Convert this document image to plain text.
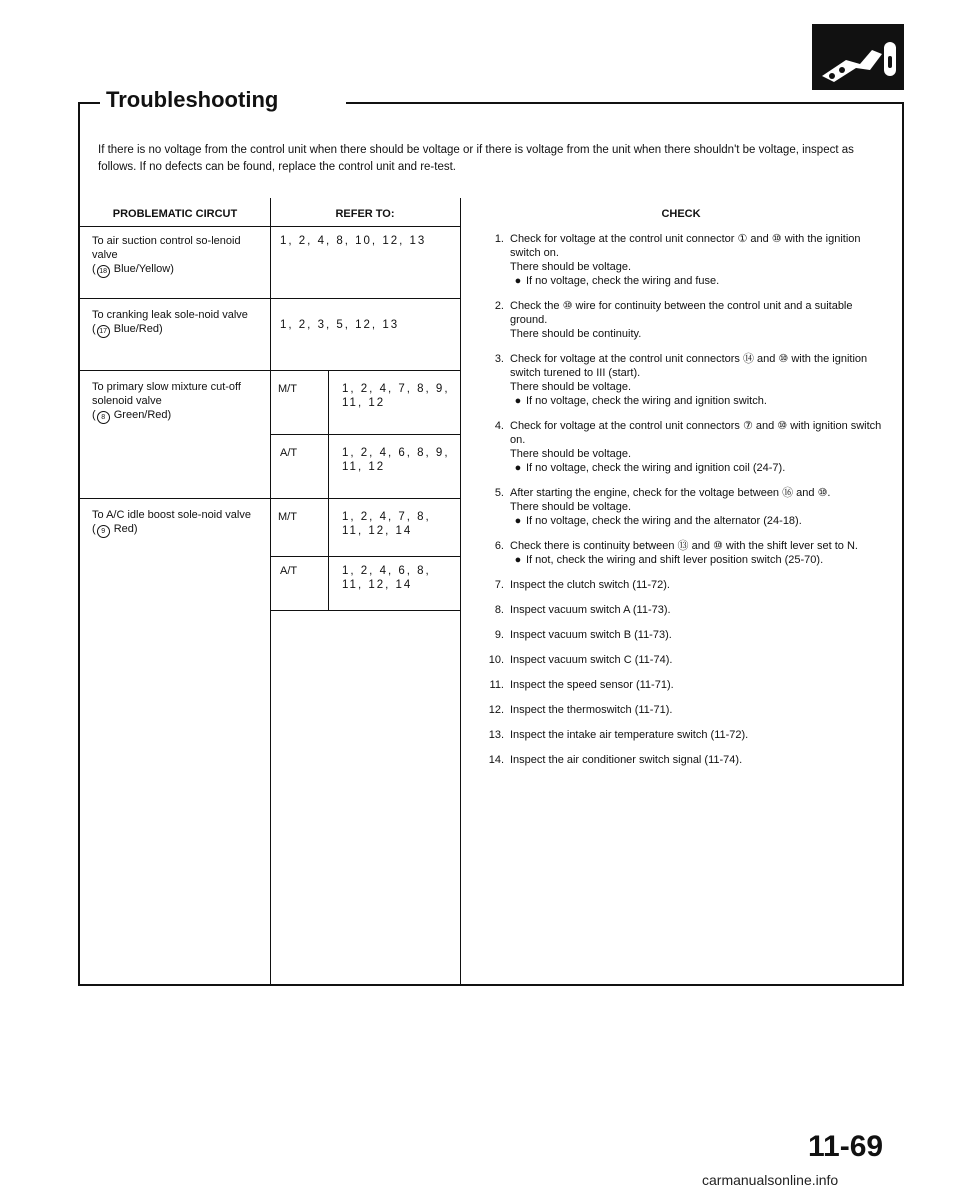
Troubleshooting
If there is no voltage from the control unit when there should be voltage or if there is voltage from the unit when there shouldn't be voltage, inspect as follows. If no defects can be found, replace the control unit and re-test.
PROBLEMATIC CIRCUT	REFER TO:	CHECK
To air suction control so-lenoid valve
( 18 Blue/Yellow)
1, 2, 4, 8, 10, 12, 13
To cranking leak sole-noid valve
( 17 Blue/Red)	1, 2, 3, 5, 12, 13
To primary slow mixture cut-off solenoid valve
( 8 Green/Red)
M/T	1, 2, 4, 7, 8, 9, 11, 12
A/T	1, 2, 4, 6, 8, 9, 11, 12
To A/C idle boost sole-noid valve
( 9 Red)
M/T	1, 2, 4, 7, 8, 11, 12, 14
A/T	1, 2, 4, 6, 8, 11, 12, 14
1. Check for voltage at the control unit connector ① and ⑩ with the ignition switch on.
There should be voltage.
● If no voltage, check the wiring and fuse.
2. Check the ⑩ wire for continuity between the control unit and a suitable ground.
There should be continuity.
3. Check for voltage at the control unit connectors ⑭ and ⑩ with the ignition switch turened to III (start).
There should be voltage.
● If no voltage, check the wiring and ignition switch.
4. Check for voltage at the control unit connectors ⑦ and ⑩ with ignition switch on.
There should be voltage.
● If no voltage, check the wiring and ignition coil (24-7).
5. After starting the engine, check for the voltage between ⑯ and ⑩.
There should be voltage.
● If no voltage, check the wiring and the alternator (24-18).
6. Check there is continuity between ⑬ and ⑩ with the shift lever set to N.
● If not, check the wiring and shift lever position switch (25-70).
7. Inspect the clutch switch (11-72).
8. Inspect vacuum switch A (11-73).
9. Inspect vacuum switch B (11-73).
10. Inspect vacuum switch C (11-74).
11. Inspect the speed sensor (11-71).
12. Inspect the thermoswitch (11-71).
13. Inspect the intake air temperature switch (11-72).
14. Inspect the air conditioner switch signal (11-74).
11-69
carmanualsonline.info
